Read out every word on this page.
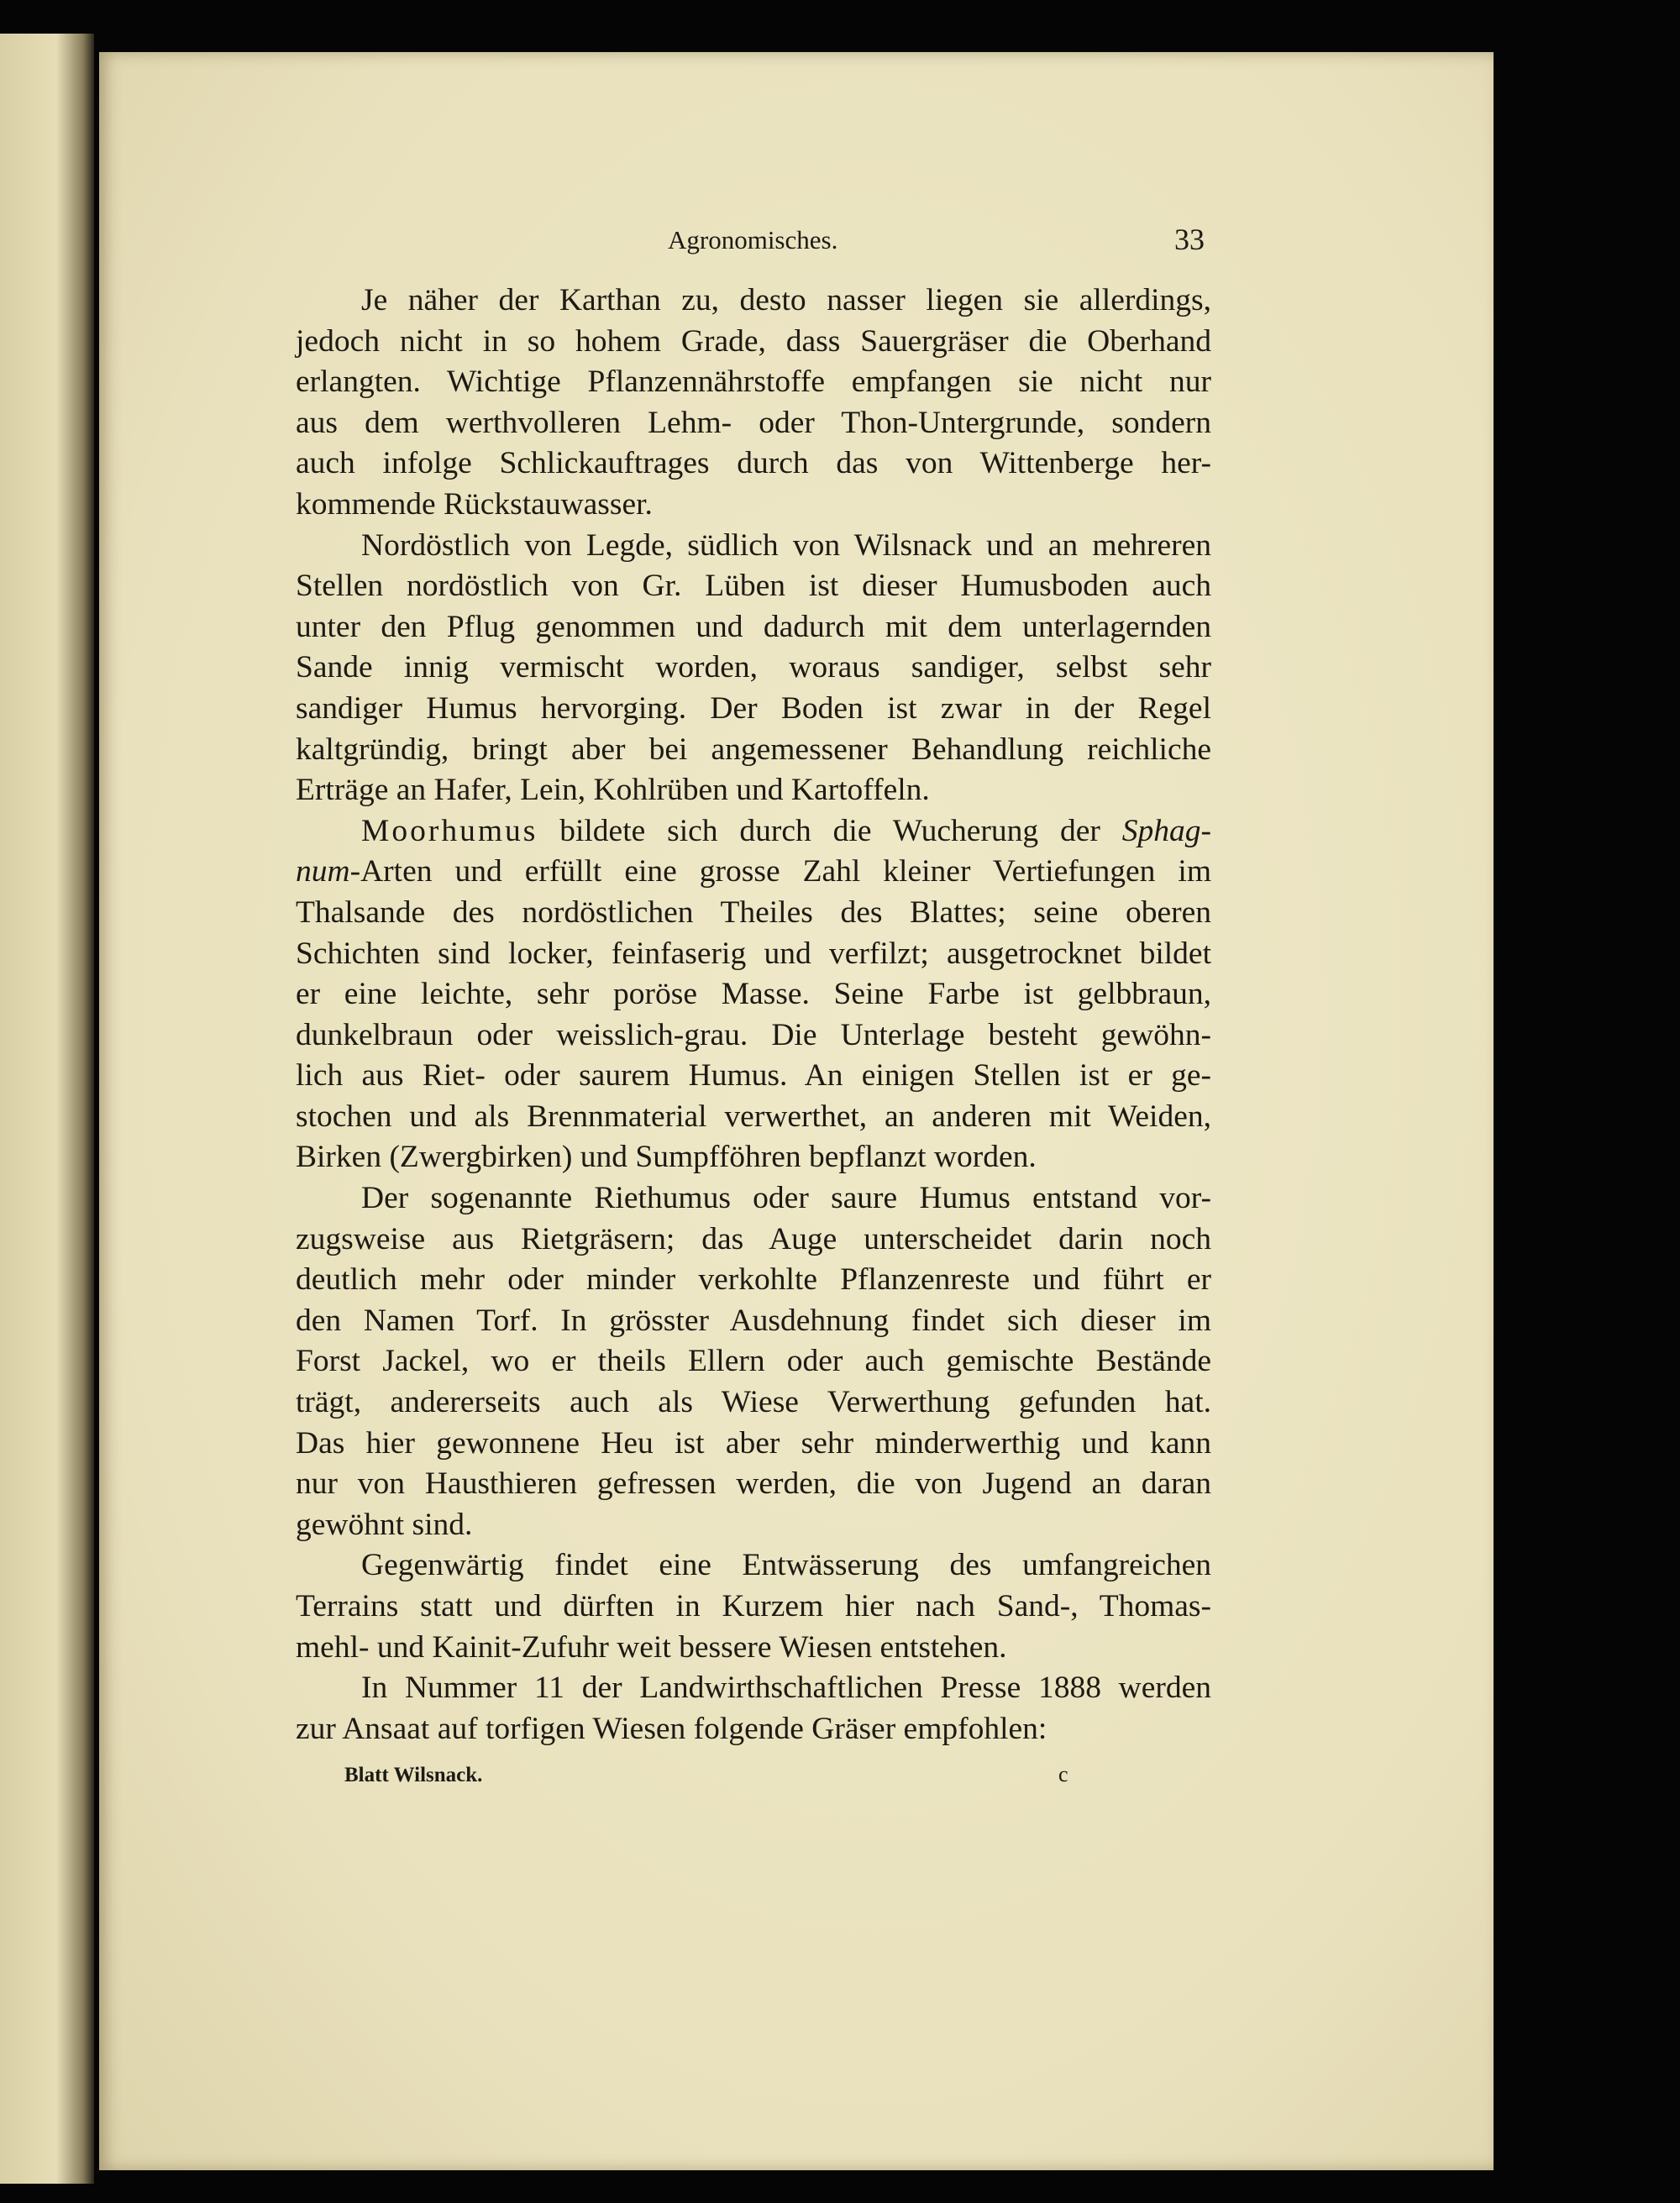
Agronomisches.	33
Je näher der Karthan zu, desto nasser liegen sie allerdings,
jedoch nicht in so hohem Grade, dass Sauergräser die Oberhand
erlangten. Wichtige Pflanzennährstoffe empfangen sie nicht nur
aus dem werthvolleren Lehm- oder Thon-Untergrunde, sondern
auch infolge Schlickauftrages durch das von Wittenberge her-
kommende Rückstauwasser.
Nordöstlich von Legde, südlich von Wilsnack und an mehreren
Stellen nordöstlich von Gr. Lüben ist dieser Humusboden auch
unter den Pflug genommen und dadurch mit dem unterlagernden
Sande innig vermischt worden, woraus sandiger, selbst sehr
sandiger Humus hervorging. Der Boden ist zwar in der Regel
kaltgründig, bringt aber bei angemessener Behandlung reichliche
Erträge an Hafer, Lein, Kohlrüben und Kartoffeln.
Moorhumus bildete sich durch die Wucherung der Sphag-
num-Arten und erfüllt eine grosse Zahl kleiner Vertiefungen im
Thalsande des nordöstlichen Theiles des Blattes; seine oberen
Schichten sind locker, feinfaserig und verfilzt; ausgetrocknet bildet
er eine leichte, sehr poröse Masse. Seine Farbe ist gelbbraun,
dunkelbraun oder weisslich-grau. Die Unterlage besteht gewöhn-
lich aus Riet- oder saurem Humus. An einigen Stellen ist er ge-
stochen und als Brennmaterial verwerthet, an anderen mit Weiden,
Birken (Zwergbirken) und Sumpfföhren bepflanzt worden.
Der sogenannte Riethumus oder saure Humus entstand vor-
zugsweise aus Rietgräsern; das Auge unterscheidet darin noch
deutlich mehr oder minder verkohlte Pflanzenreste und führt er
den Namen Torf. In grösster Ausdehnung findet sich dieser im
Forst Jackel, wo er theils Ellern oder auch gemischte Bestände
trägt, andererseits auch als Wiese Verwerthung gefunden hat.
Das hier gewonnene Heu ist aber sehr minderwerthig und kann
nur von Hausthieren gefressen werden, die von Jugend an daran
gewöhnt sind.
Gegenwärtig findet eine Entwässerung des umfangreichen
Terrains statt und dürften in Kurzem hier nach Sand-, Thomas-
mehl- und Kainit-Zufuhr weit bessere Wiesen entstehen.
In Nummer 11 der Landwirthschaftlichen Presse 1888 werden
zur Ansaat auf torfigen Wiesen folgende Gräser empfohlen:
Blatt Wilsnack.	c
